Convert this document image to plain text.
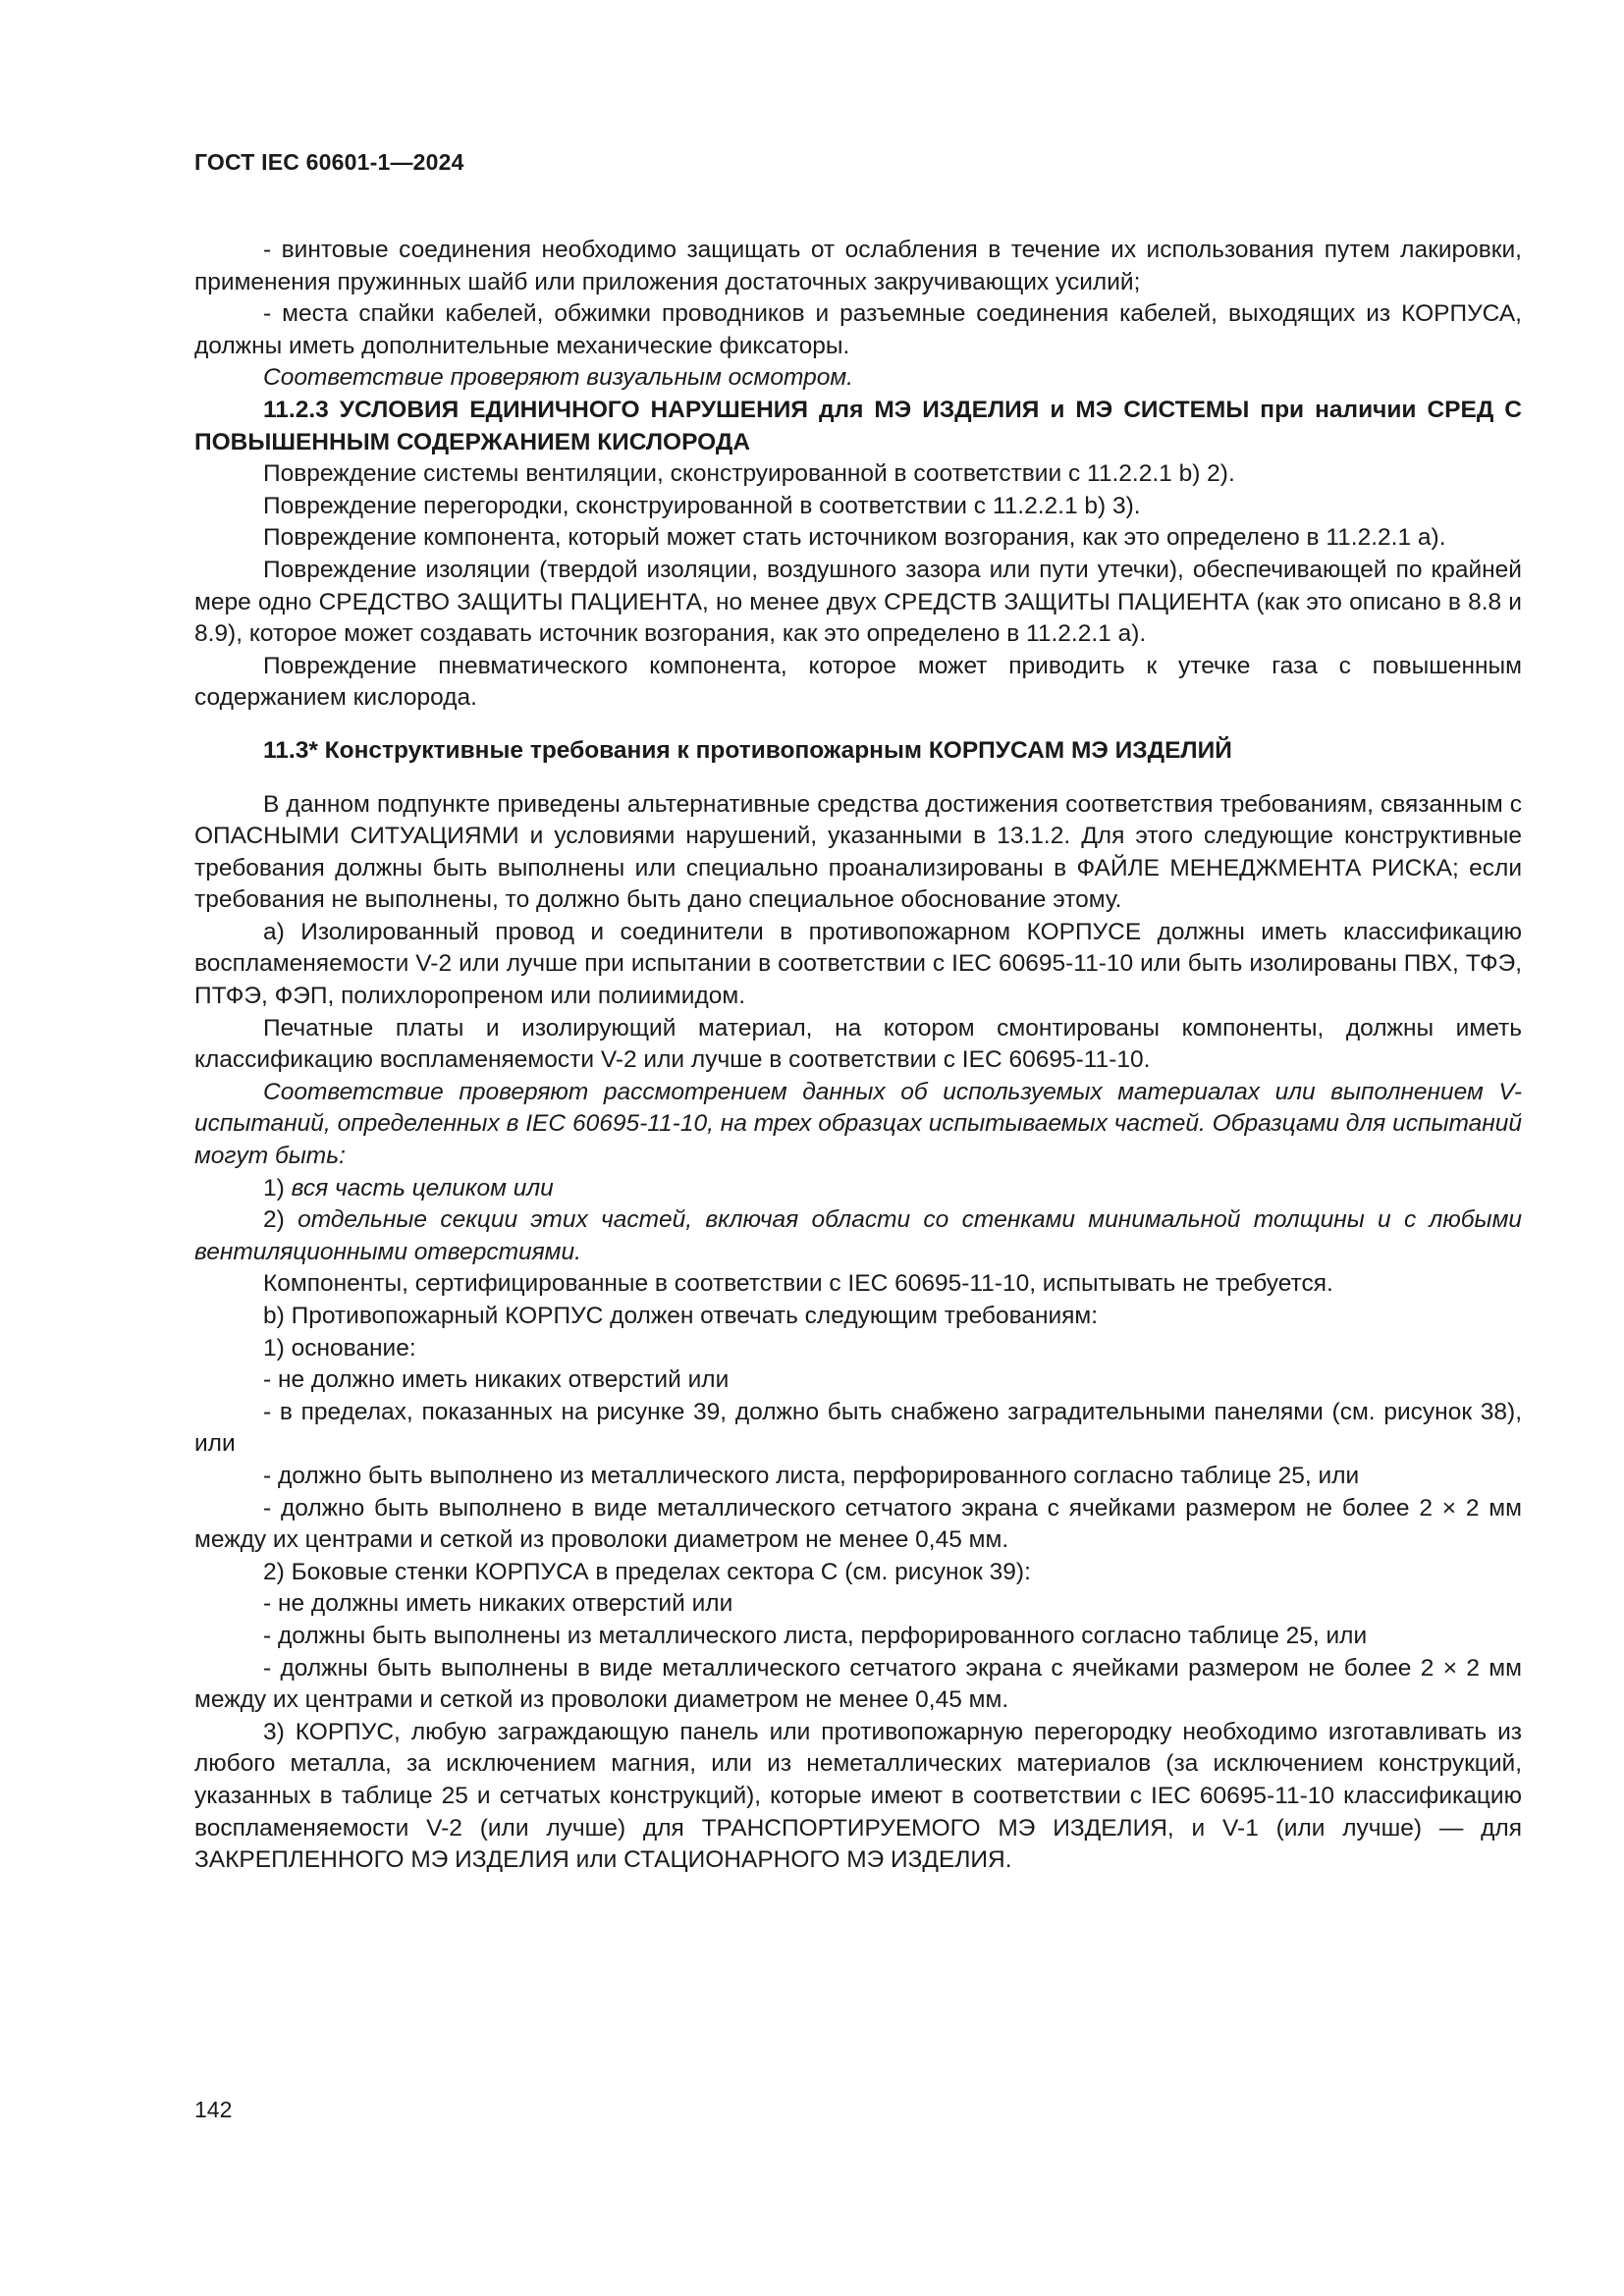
ГОСТ IEC 60601-1—2024

- винтовые соединения необходимо защищать от ослабления в течение их использования путем лакировки, применения пружинных шайб или приложения достаточных закручивающих усилий;

- места спайки кабелей, обжимки проводников и разъемные соединения кабелей, выходящих из КОРПУСА, должны иметь дополнительные механические фиксаторы.

Соответствие проверяют визуальным осмотром.

11.2.3 УСЛОВИЯ ЕДИНИЧНОГО НАРУШЕНИЯ для МЭ ИЗДЕЛИЯ и МЭ СИСТЕМЫ при наличии СРЕД С ПОВЫШЕННЫМ СОДЕРЖАНИЕМ КИСЛОРОДА

Повреждение системы вентиляции, сконструированной в соответствии с 11.2.2.1 b) 2).

Повреждение перегородки, сконструированной в соответствии с 11.2.2.1 b) 3).

Повреждение компонента, который может стать источником возгорания, как это определено в 11.2.2.1 а).

Повреждение изоляции (твердой изоляции, воздушного зазора или пути утечки), обеспечивающей по крайней мере одно СРЕДСТВО ЗАЩИТЫ ПАЦИЕНТА, но менее двух СРЕДСТВ ЗАЩИТЫ ПАЦИЕНТА (как это описано в 8.8 и 8.9), которое может создавать источник возгорания, как это определено в 11.2.2.1 а).

Повреждение пневматического компонента, которое может приводить к утечке газа с повышенным содержанием кислорода.

11.3* Конструктивные требования к противопожарным КОРПУСАМ МЭ ИЗДЕЛИЙ

В данном подпункте приведены альтернативные средства достижения соответствия требованиям, связанным с ОПАСНЫМИ СИТУАЦИЯМИ и условиями нарушений, указанными в 13.1.2. Для этого следующие конструктивные требования должны быть выполнены или специально проанализированы в ФАЙЛЕ МЕНЕДЖМЕНТА РИСКА; если требования не выполнены, то должно быть дано специальное обоснование этому.

а) Изолированный провод и соединители в противопожарном КОРПУСЕ должны иметь классификацию воспламеняемости V-2 или лучше при испытании в соответствии с IEC 60695-11-10 или быть изолированы ПВХ, ТФЭ, ПТФЭ, ФЭП, полихлоропреном или полиимидом.

Печатные платы и изолирующий материал, на котором смонтированы компоненты, должны иметь классификацию воспламеняемости V-2 или лучше в соответствии с IEC 60695-11-10.

Соответствие проверяют рассмотрением данных об используемых материалах или выполнением V-испытаний, определенных в IEC 60695-11-10, на трех образцах испытываемых частей. Образцами для испытаний могут быть:

1) вся часть целиком или

2) отдельные секции этих частей, включая области со стенками минимальной толщины и с любыми вентиляционными отверстиями.

Компоненты, сертифицированные в соответствии с IEC 60695-11-10, испытывать не требуется.

b) Противопожарный КОРПУС должен отвечать следующим требованиям:

1) основание:

- не должно иметь никаких отверстий или

- в пределах, показанных на рисунке 39, должно быть снабжено заградительными панелями (см. рисунок 38), или

- должно быть выполнено из металлического листа, перфорированного согласно таблице 25, или

- должно быть выполнено в виде металлического сетчатого экрана с ячейками размером не более 2 × 2 мм между их центрами и сеткой из проволоки диаметром не менее 0,45 мм.

2) Боковые стенки КОРПУСА в пределах сектора С (см. рисунок 39):

- не должны иметь никаких отверстий или

- должны быть выполнены из металлического листа, перфорированного согласно таблице 25, или

- должны быть выполнены в виде металлического сетчатого экрана с ячейками размером не более 2 × 2 мм между их центрами и сеткой из проволоки диаметром не менее 0,45 мм.

3) КОРПУС, любую заграждающую панель или противопожарную перегородку необходимо изготавливать из любого металла, за исключением магния, или из неметаллических материалов (за исключением конструкций, указанных в таблице 25 и сетчатых конструкций), которые имеют в соответствии с IEC 60695-11-10 классификацию воспламеняемости V-2 (или лучше) для ТРАНСПОРТИРУЕМОГО МЭ ИЗДЕЛИЯ, и V-1 (или лучше) — для ЗАКРЕПЛЕННОГО МЭ ИЗДЕЛИЯ или СТАЦИОНАРНОГО МЭ ИЗДЕЛИЯ.

142
